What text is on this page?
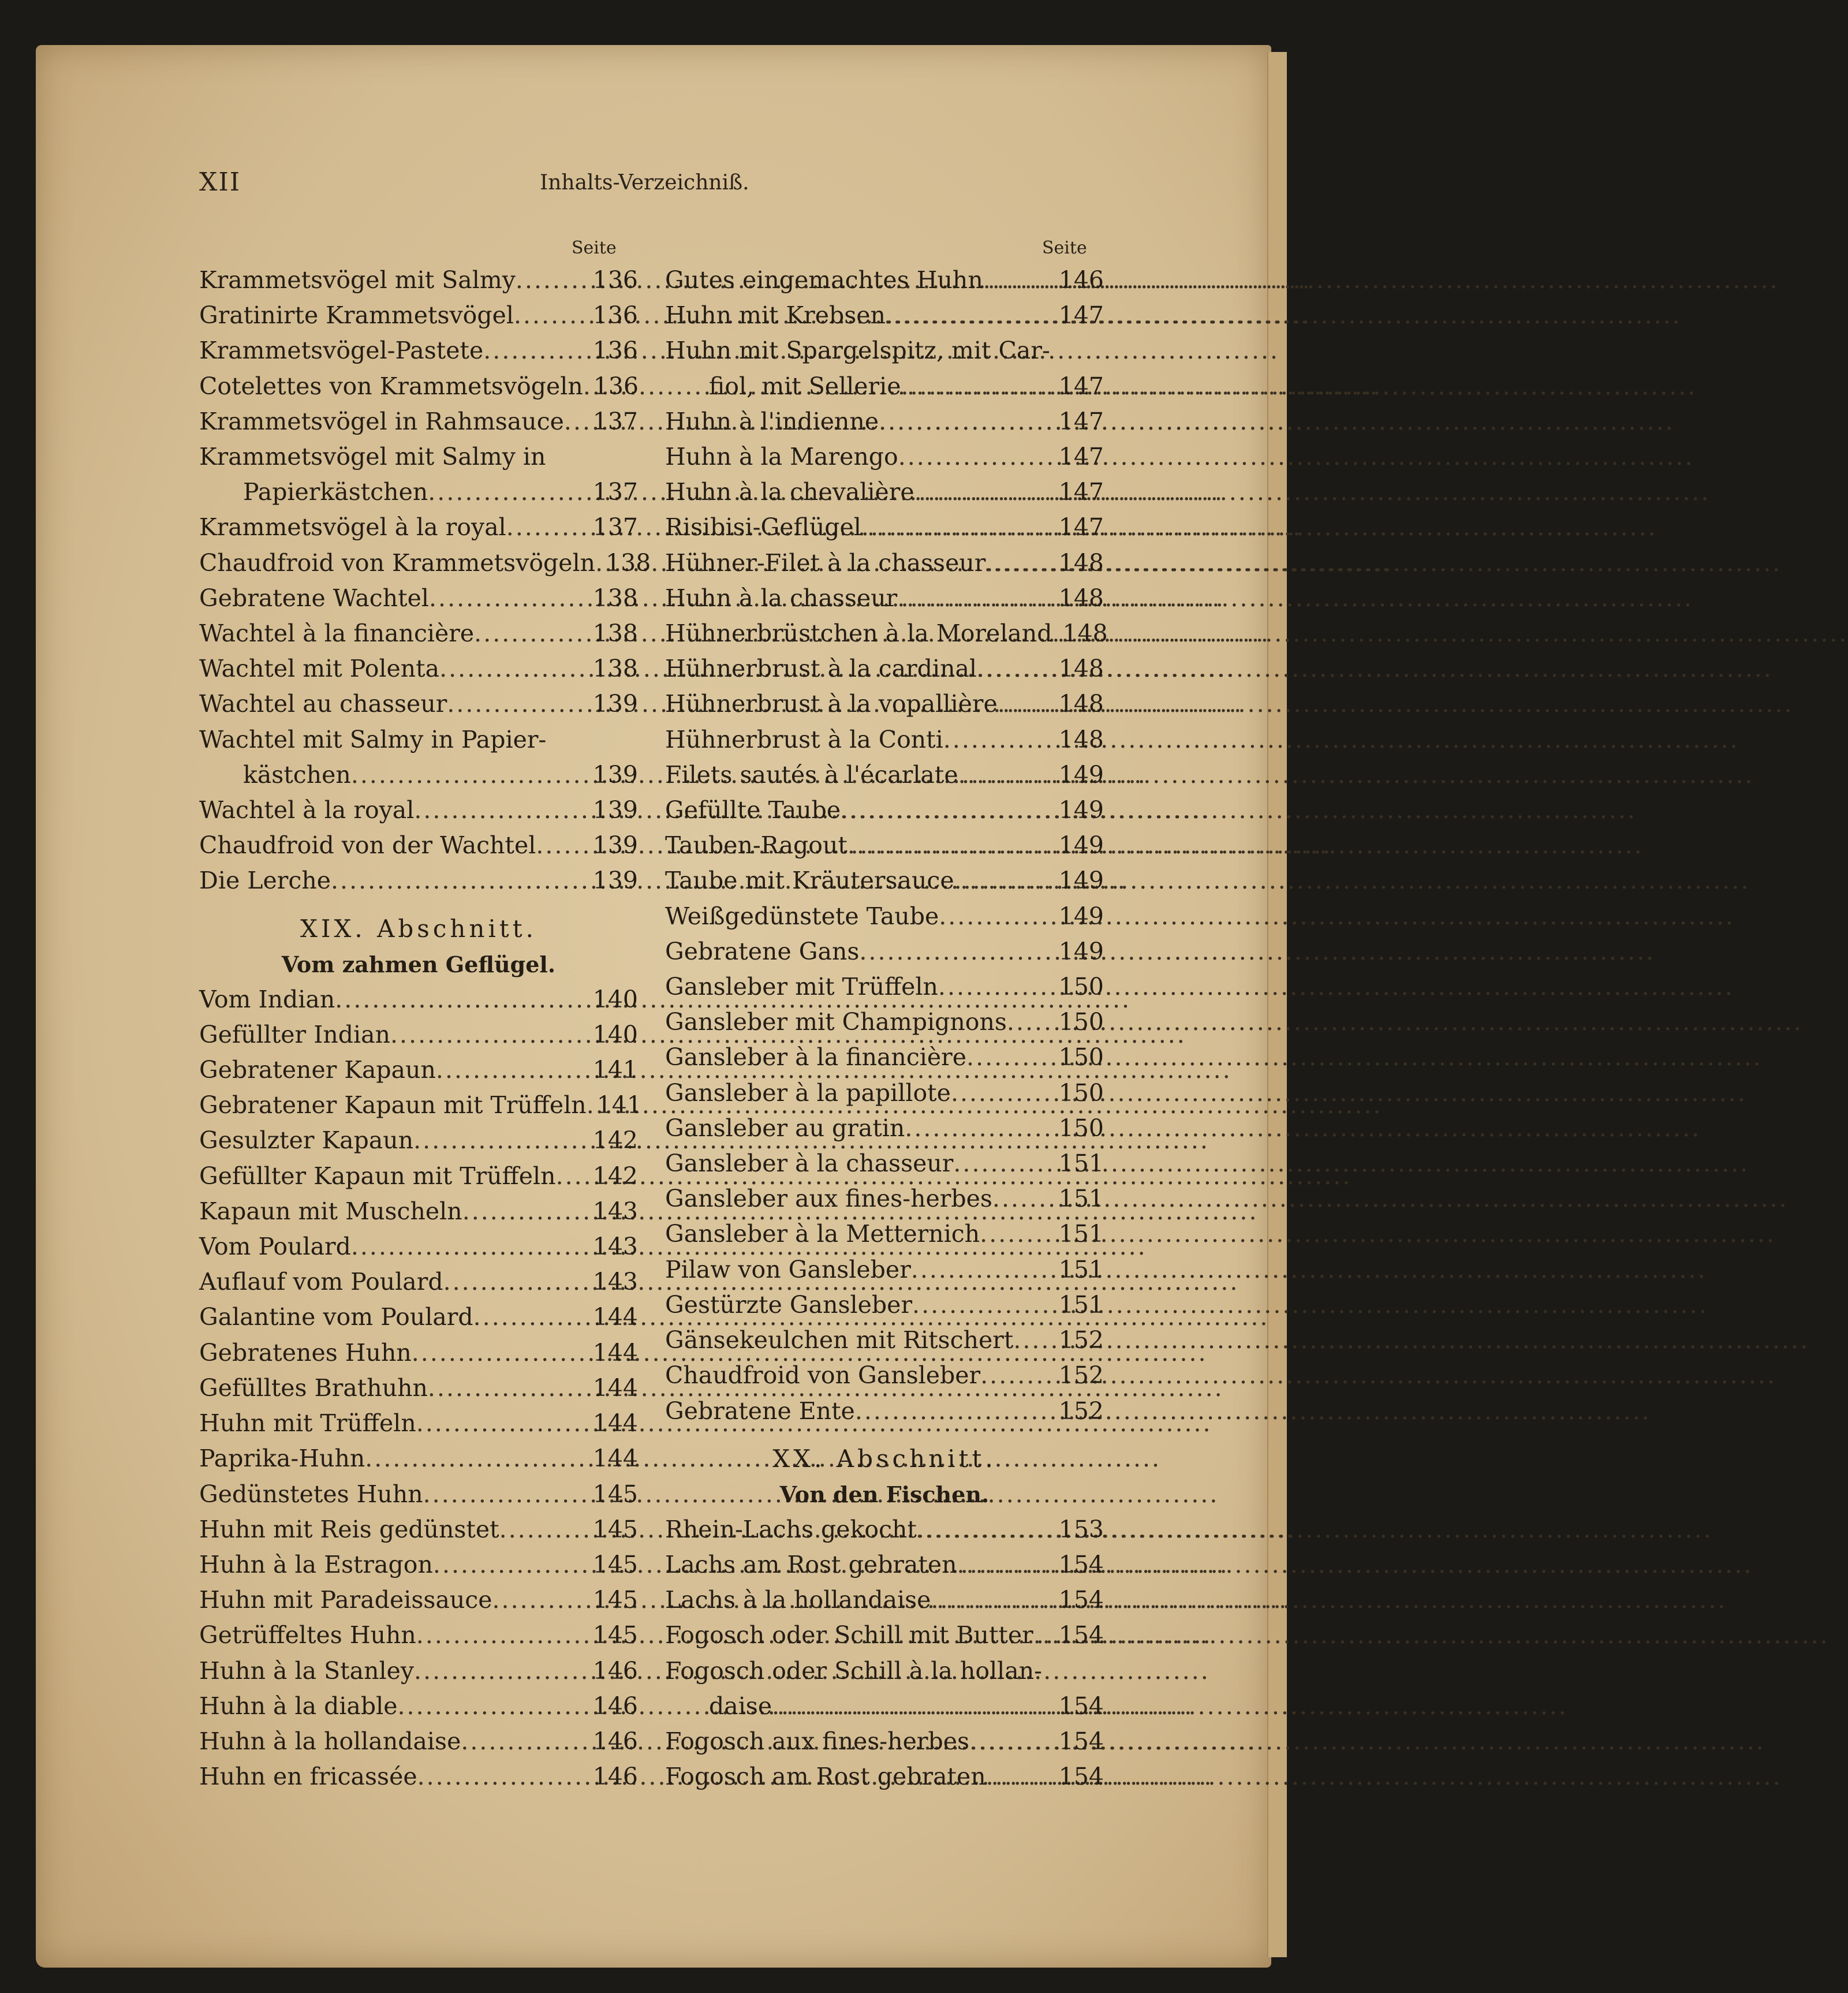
XII	Inhalts-Verzeichniß.
Seite	Seite
Krammetsvögel mit Salmy .....	136
Gratinirte Krammetsvögel .....	136
Krammetsvögel-Pastete .....	136
Cotelettes von Krammetsvögeln ..... 136
Krammetsvögel in Rahmsauce ..... 137
Krammetsvögel mit Salmy in
Papierkästchen .....	137
Krammetsvögel à la royal .....	137
Chaudfroid von Krammetsvögeln ..... 138
Gebratene Wachtel .....	138
Wachtel à la financière .....	138
Wachtel mit Polenta .....	138
Wachtel au chasseur .....	139
Wachtel mit Salmy in Papier-
kästchen .....	139
Wachtel à la royal .....	139
Chaudfroid von der Wachtel ..... 139
Die Lerche .....	139
XIX. Abschnitt.
Vom zahmen Geflügel.
Vom Indian .....	140
Gefüllter Indian .....	140
Gebratener Kapaun .....	141
Gebratener Kapaun mit Trüffeln ..... 141
Gesulzter Kapaun .....	142
Gefüllter Kapaun mit Trüffeln ..... 142
Kapaun mit Muscheln .....	143
Vom Poulard .....	143
Auflauf vom Poulard .....	143
Galantine vom Poulard .....	144
Gebratenes Huhn .....	144
Gefülltes Brathuhn .....	144
Huhn mit Trüffeln .....	144
Paprika-Huhn .....	144
Gedünstetes Huhn .....	145
Huhn mit Reis gedünstet .....	145
Huhn à la Estragon .....	145
Huhn mit Paradeissauce .....	145
Getrüffeltes Huhn .....	145
Huhn à la Stanley .....	146
Huhn à la diable .....	146
Huhn à la hollandaise .....	146
Huhn en fricassée .....	146
Gutes eingemachtes Huhn .....	146
Huhn mit Krebsen .....	147
Huhn mit Spargelspitz, mit Car-
fiol, mit Sellerie .....	147
Huhn à l'indienne .....	147
Huhn à la Marengo .....	147
Huhn à la chevalière .....	147
Risibisi-Geflügel .....	147
Hühner-Filet à la chasseur .....	148
Huhn à la chasseur .....	148
Hühnerbrüstchen à la Moreland ..... 148
Hühnerbrust à la cardinal .....	148
Hühnerbrust à la vopallière .....	148
Hühnerbrust à la Conti .....	148
Filets sautés à l'écarlate .....	149
Gefüllte Taube .....	149
Tauben-Ragout .....	149
Taube mit Kräutersauce .....	149
Weißgedünstete Taube .....	149
Gebratene Gans .....	149
Gansleber mit Trüffeln .....	150
Gansleber mit Champignons ..... 150
Gansleber à la financière .....	150
Gansleber à la papillote .....	150
Gansleber au gratin .....	150
Gansleber à la chasseur .....	151
Gansleber aux fines-herbes .....	151
Gansleber à la Metternich .....	151
Pilaw von Gansleber .....	151
Gestürzte Gansleber .....	151
Gänsekeulchen mit Ritschert ..... 152
Chaudfroid von Gansleber .....	152
Gebratene Ente .....	152
XX. Abschnitt.
Von den Fischen.
Rhein-Lachs gekocht .....	153
Lachs am Rost gebraten .....	154
Lachs à la hollandaise .....	154
Fogosch oder Schill mit Butter ..... 154
Fogosch oder Schill à la hollan-
daise .....	154
Fogosch aux fines-herbes .....	154
Fogosch am Rost gebraten .....	154
